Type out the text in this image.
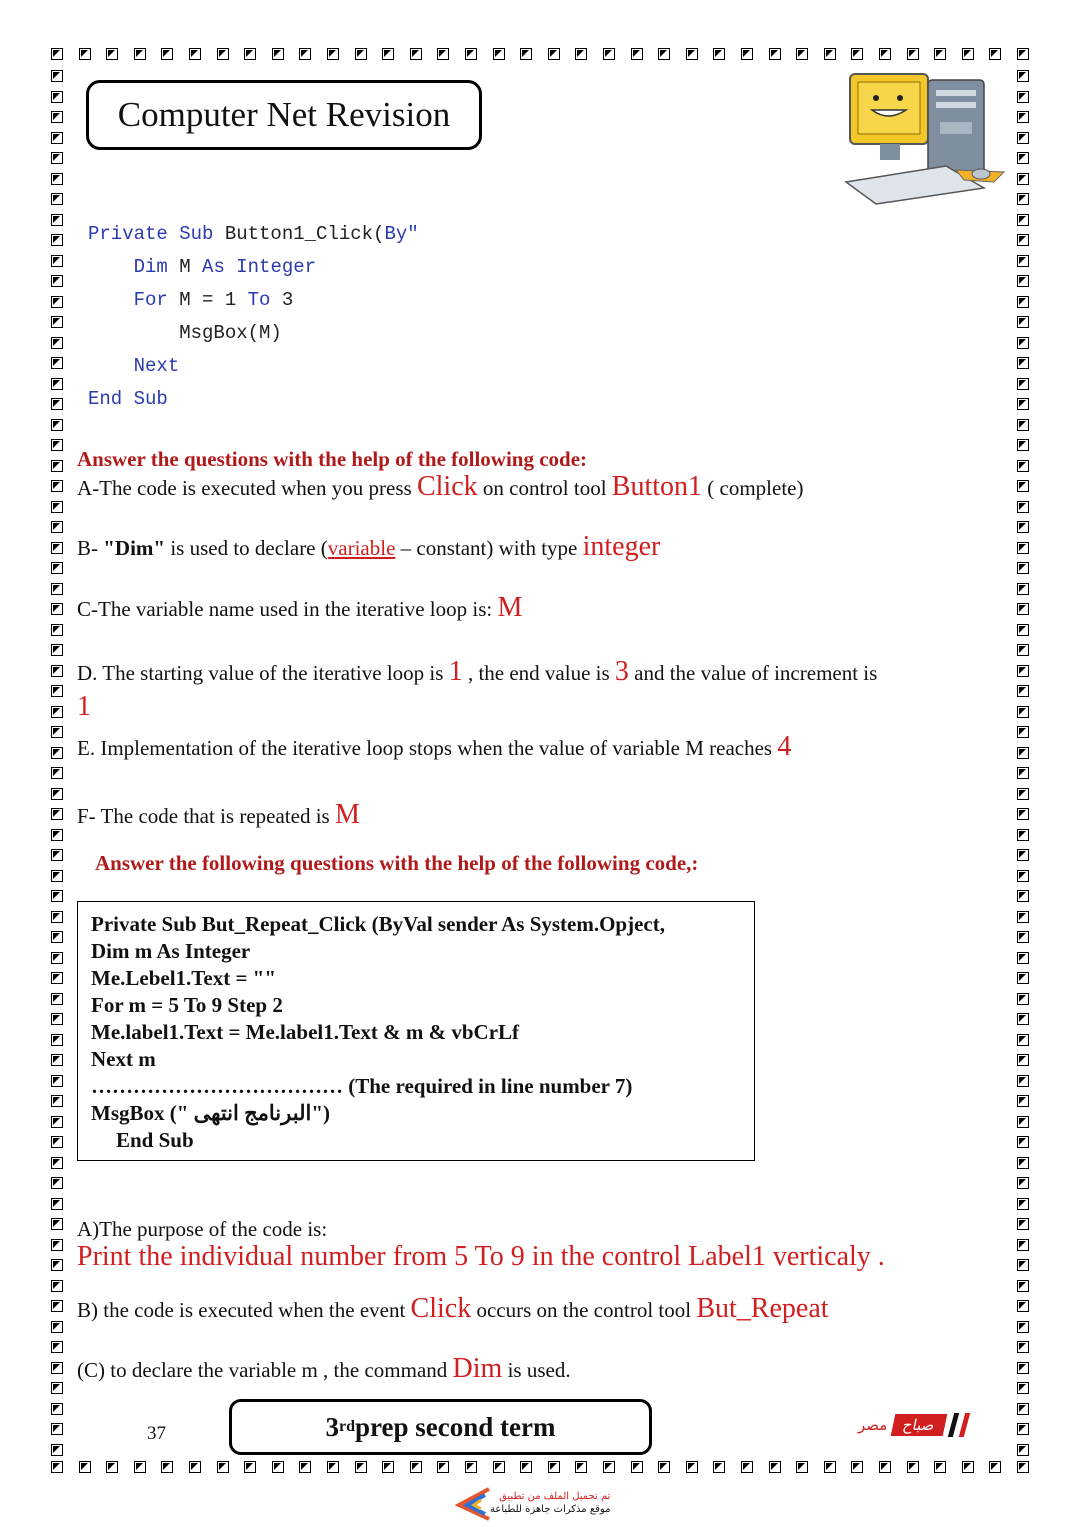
Computer Net Revision
Private Sub Button1_Click(By"
Dim M As Integer
For M = 1 To 3
MsgBox(M)
Next
End Sub
Answer the questions with the help of the following code:
A-The code is executed when you press Click on control tool Button1 ( complete)
B- "Dim" is used to declare (variable – constant) with type integer
C-The variable name used in the iterative loop is: M
D. The starting value of the iterative loop is 1 , the end value is 3 and the value of increment is
1
E. Implementation of the iterative loop stops when the value of variable M reaches 4
F- The code that is repeated is M
Answer the following questions with the help of the following code,:
Private Sub But_Repeat_Click (ByVal sender As System.Opject,
Dim m As Integer
Me.Lebel1.Text = ""
For m = 5 To 9 Step 2
Me.label1.Text = Me.label1.Text & m & vbCrLf
Next m
……………………………… (The required in line number 7)
MsgBox (" البرنامج انتهى")
End Sub
A)The purpose of the code is:
Print the individual number from 5 To 9 in the control Label1 verticaly .
B) the code is executed when the event Click occurs on the control tool But_Repeat
(C) to declare the variable m , the command Dim is used.
37	3 rd prep second term	مصر صباح
تم تحميل الملف من تطبيق
موقع مذكرات جاهزة للطباعة
